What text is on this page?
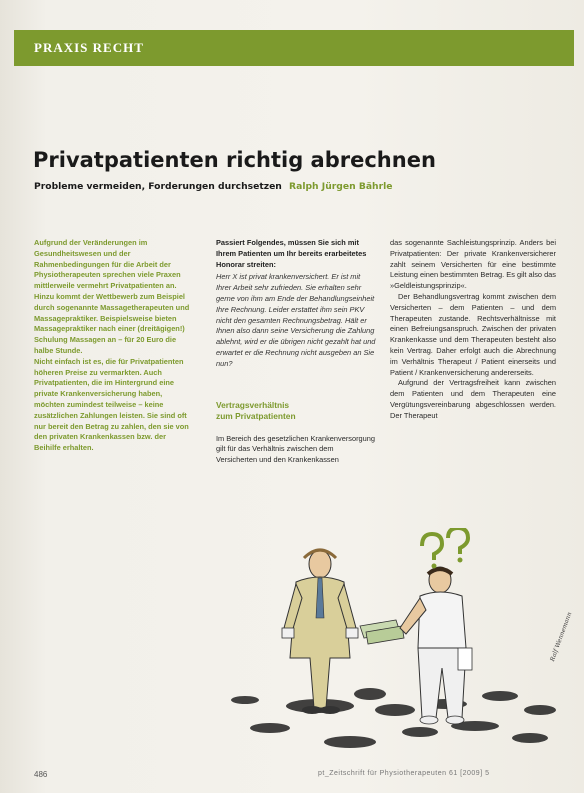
PRAXIS RECHT
Privatpatienten richtig abrechnen
Probleme vermeiden, Forderungen durchsetzen Ralph Jürgen Bährle

Aufgrund der Veränderungen im Gesundheitswesen und der Rahmenbedingungen für die Arbeit der Physiotherapeuten sprechen viele Praxen mittlerweile vermehrt Privatpatienten an.

Hinzu kommt der Wettbewerb zum Beispiel durch sogenannte Massagetherapeuten und Massagepraktiker. Beispielsweise bieten Massagepraktiker nach einer (dreitägigen!) Schulung Massagen an – für 20 Euro die halbe Stunde.

Nicht einfach ist es, die für Privatpatienten höheren Preise zu vermarkten. Auch Privatpatienten, die im Hintergrund eine private Krankenversicherung haben, möchten zumindest teilweise – keine zusätzlichen Zahlungen leisten. Sie sind oft nur bereit den Betrag zu zahlen, den sie von den privaten Krankenkassen bzw. der Beihilfe erhalten.

Passiert Folgendes, müssen Sie sich mit Ihrem Patienten um Ihr bereits erarbeitetes Honorar streiten:

Herr X ist privat krankenversichert. Er ist mit Ihrer Arbeit sehr zufrieden. Sie erhalten sehr gerne von ihm am Ende der Behandlungseinheit Ihre Rechnung. Leider erstattet ihm sein PKV nicht den gesamten Rechnungsbetrag. Hält er Ihnen also dann seine Versicherung die Zahlung ablehnt, wird er die übrigen nicht gezahlt hat und erwartet er die Rechnung nicht ausgeben an Sie nun?

Vertragsverhältnis
zum Privatpatienten

Im Bereich des gesetzlichen Krankenversorgung gilt für das Verhältnis zwischen dem Versicherten und den Krankenkassen

das sogenannte Sachleistungsprinzip. Anders bei Privatpatienten: Der private Krankenversicherer zahlt seinem Versicherten für eine bestimmte Leistung einen bestimmten Betrag. Es gilt also das »Geldleistungsprinzip«.

Der Behandlungsvertrag kommt zwischen dem Versicherten – dem Patienten – und dem Therapeuten zustande. Rechtsverhältnisse mit einen Befreiungsanspruch. Zwischen der privaten Krankenkasse und dem Therapeuten besteht also kein Vertrag. Daher erfolgt auch die Abrechnung im Verhältnis Therapeut / Patient einerseits und Patient / Krankenversicherung andererseits.

Aufgrund der Vertragsfreiheit kann zwischen dem Patienten und dem Therapeuten eine Vergütungsvereinbarung abgeschlossen werden. Der Therapeut

Ralf Wennemann
486	pt_Zeitschrift für Physiotherapeuten 61 [2009] 5
